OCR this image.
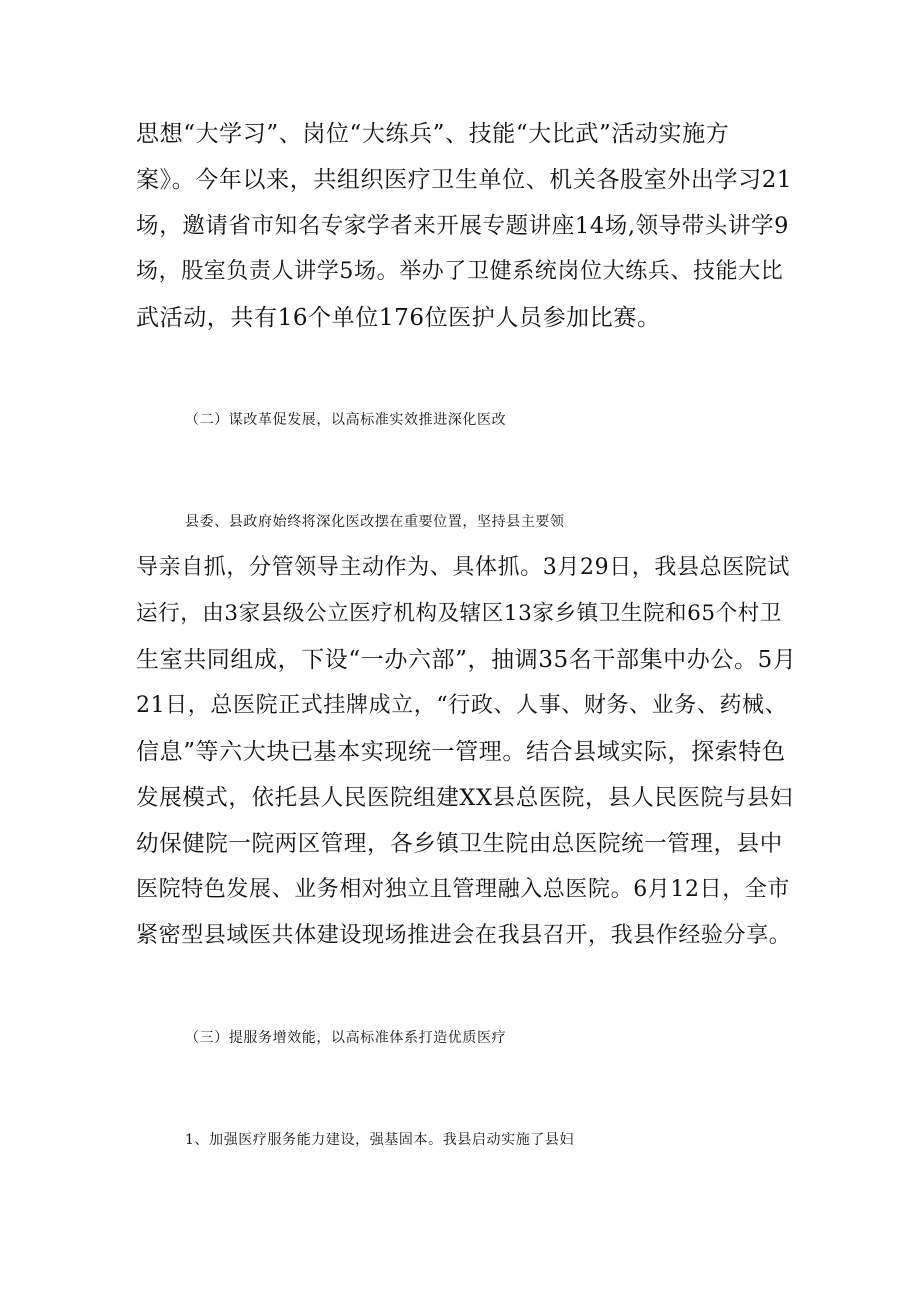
思想“大学习”、岗位“大练兵”、技能“大比武”活动实施方
案》。今年以来，共组织医疗卫生单位、机关各股室外出学习21
场，邀请省市知名专家学者来开展专题讲座14场,领导带头讲学9
场，股室负责人讲学5场。举办了卫健系统岗位大练兵、技能大比
武活动，共有16个单位176位医护人员参加比赛。
（二）谋改革促发展，以高标准实效推进深化医改
县委、县政府始终将深化医改摆在重要位置，坚持县主要领
导亲自抓，分管领导主动作为、具体抓。3月29日，我县总医院试
运行，由3家县级公立医疗机构及辖区13家乡镇卫生院和65个村卫
生室共同组成，下设“一办六部”，抽调35名干部集中办公。5月
21日，总医院正式挂牌成立，“行政、人事、财务、业务、药械、
信息”等六大块已基本实现统一管理。结合县域实际，探索特色
发展模式，依托县人民医院组建XX县总医院，县人民医院与县妇
幼保健院一院两区管理，各乡镇卫生院由总医院统一管理，县中
医院特色发展、业务相对独立且管理融入总医院。6月12日，全市
紧密型县域医共体建设现场推进会在我县召开，我县作经验分享。
（三）提服务增效能，以高标准体系打造优质医疗
1、加强医疗服务能力建设，强基固本。我县启动实施了县妇
